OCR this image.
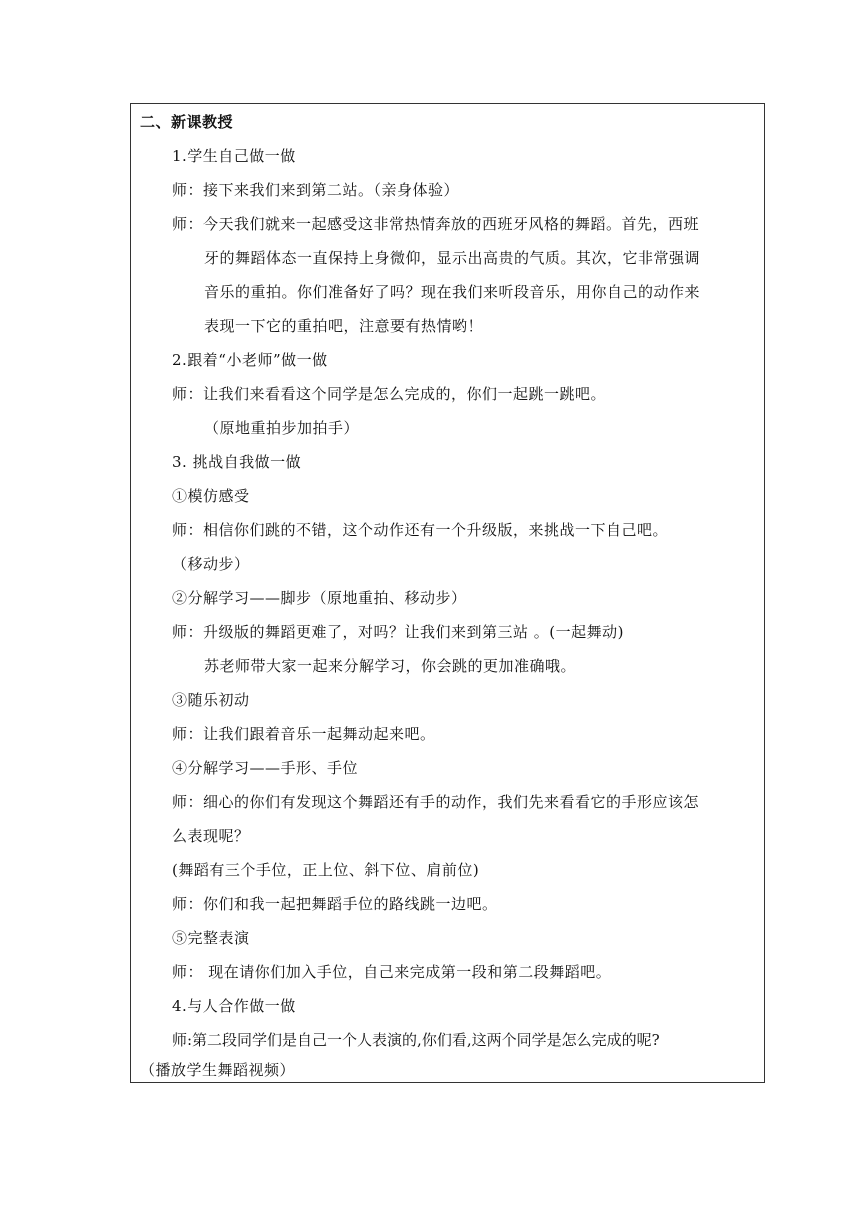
二、新课教授
1.学生自己做一做
师：接下来我们来到第二站。（亲身体验）
师：今天我们就来一起感受这非常热情奔放的西班牙风格的舞蹈。首先，西班
牙的舞蹈体态一直保持上身微仰，显示出高贵的气质。其次，它非常强调
音乐的重拍。你们准备好了吗？现在我们来听段音乐，用你自己的动作来
表现一下它的重拍吧，注意要有热情哟！
2.跟着“小老师”做一做
师：让我们来看看这个同学是怎么完成的，你们一起跳一跳吧。
（原地重拍步加拍手）
3. 挑战自我做一做
①模仿感受
师：相信你们跳的不错，这个动作还有一个升级版，来挑战一下自己吧。
（移动步）
②分解学习——脚步（原地重拍、移动步）
师：升级版的舞蹈更难了，对吗？让我们来到第三站 。(一起舞动)
苏老师带大家一起来分解学习，你会跳的更加准确哦。
③随乐初动
师：让我们跟着音乐一起舞动起来吧。
④分解学习——手形、手位
师：细心的你们有发现这个舞蹈还有手的动作，我们先来看看它的手形应该怎
么表现呢？
(舞蹈有三个手位，正上位、斜下位、肩前位)
师：你们和我一起把舞蹈手位的路线跳一边吧。
⑤完整表演
师： 现在请你们加入手位，自己来完成第一段和第二段舞蹈吧。
4.与人合作做一做
师:第二段同学们是自己一个人表演的,你们看,这两个同学是怎么完成的呢?
（播放学生舞蹈视频）
